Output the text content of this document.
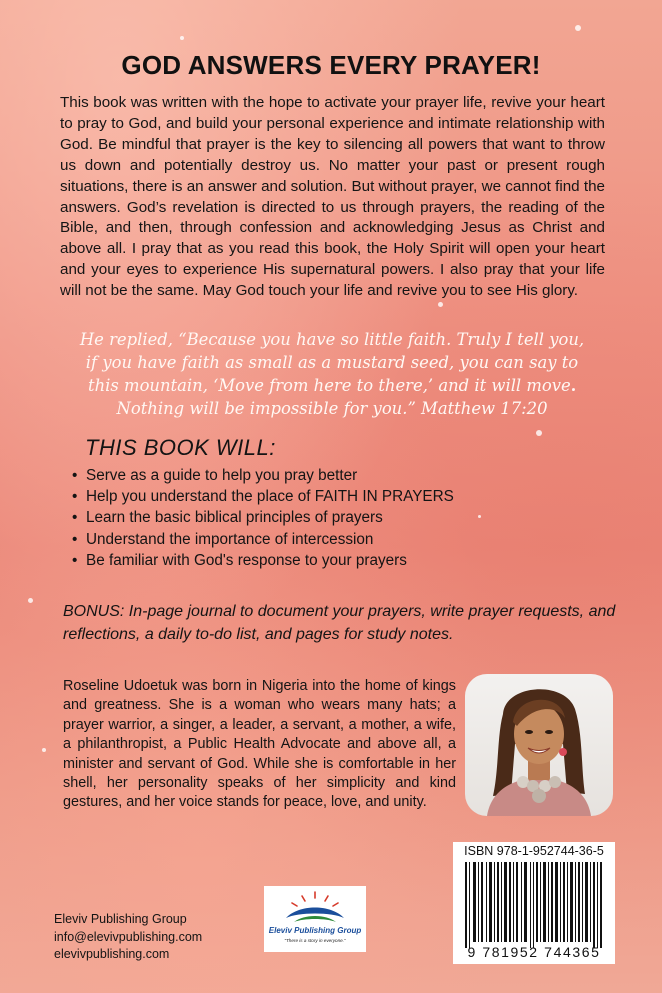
GOD ANSWERS EVERY PRAYER!
This book was written with the hope to activate your prayer life, revive your heart to pray to God, and build your personal experience and intimate relationship with God. Be mindful that prayer is the key to silencing all powers that want to throw us down and potentially destroy us. No matter your past or present rough situations, there is an answer and solution. But without prayer, we cannot find the answers. God’s revelation is directed to us through prayers, the reading of the Bible, and then, through confession and acknowledging Jesus as Christ and above all. I pray that as you read this book, the Holy Spirit will open your heart and your eyes to experience His supernatural powers. I also pray that your life will not be the same. May God touch your life and revive you to see His glory.
He replied, “Because you have so little faith. Truly I tell you, if you have faith as small as a mustard seed, you can say to this mountain, ‘Move from here to there,’ and it will move. Nothing will be impossible for you.” Matthew 17:20
THIS BOOK WILL:
• Serve as a guide to help you pray better
• Help you understand the place of FAITH IN PRAYERS
• Learn the basic biblical principles of prayers
• Understand the importance of intercession
• Be familiar with God's response to your prayers
BONUS: In-page journal to document your prayers, write prayer requests, and reflections, a daily to-do list, and pages for study notes.
Roseline Udoetuk was born in Nigeria into the home of kings and greatness. She is a woman who wears many hats; a prayer warrior, a singer, a leader, a servant, a mother, a wife, a philanthropist, a Public Health Advocate and above all, a minister and servant of God. While she is comfortable in her shell, her personality speaks of her simplicity and kind gestures, and her voice stands for peace, love, and unity.
ISBN 978-1-952744-36-5
9 781952 744365
Eleviv Publishing Group
info@elevivpublishing.com
elevivpublishing.com
Eleviv Publishing Group
"There is a story in everyone."
